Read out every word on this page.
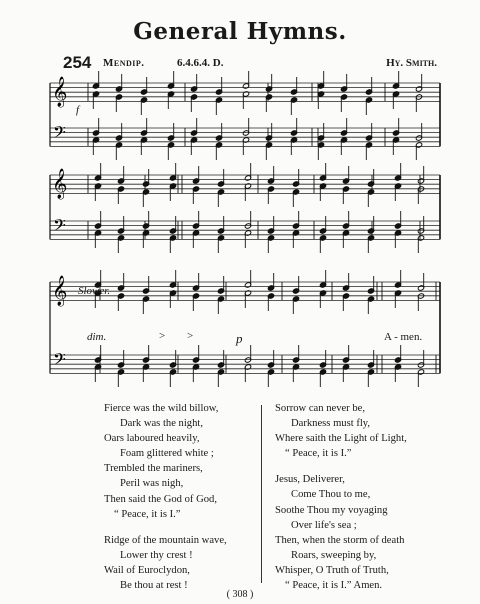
General Hymns.
254 Mendip.	6.4.6.4. D.	Hy. Smith.
𝄞
𝄢
𝄞
𝄢
𝄞
𝄢
f
Slower.
dim.	> >	p	A - men.
Fierce was the wild billow,
Dark was the night,
Oars laboured heavily,
Foam glittered white ;
Trembled the mariners,
Peril was nigh,
Then said the God of God,
“ Peace, it is I.”
Ridge of the mountain wave,
Lower thy crest !
Wail of Euroclydon,
Be thou at rest !
Sorrow can never be,
Darkness must fly,
Where saith the Light of Light,
“ Peace, it is I.”
Jesus, Deliverer,
Come Thou to me,
Soothe Thou my voyaging
Over life's sea ;
Then, when the storm of death
Roars, sweeping by,
Whisper, O Truth of Truth,
“ Peace, it is I.” Amen.
( 308 )
